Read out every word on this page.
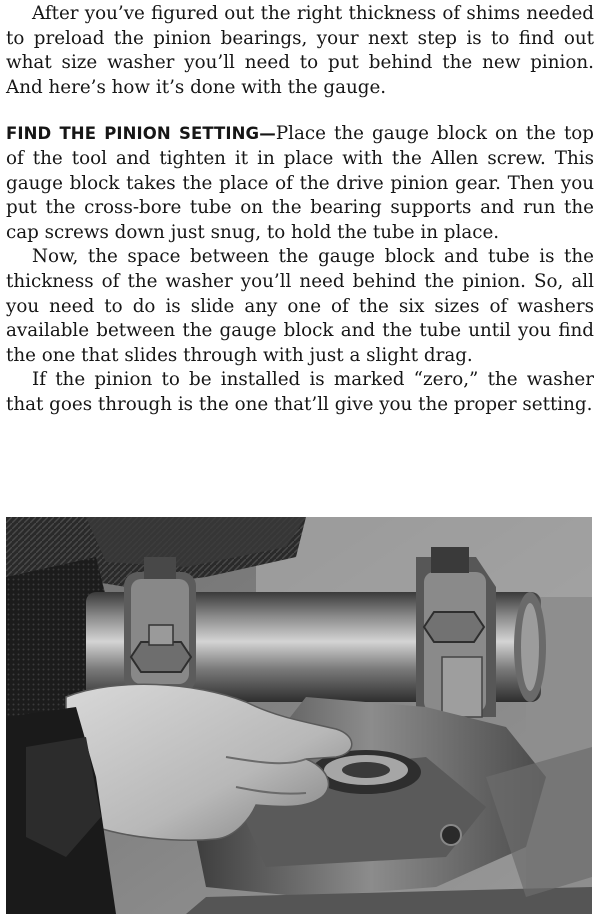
After you’ve figured out the right thickness of shims needed to preload the pinion bearings, your next step is to find out what size washer you’ll need to put behind the new pinion. And here’s how it’s done with the gauge.

FIND THE PINION SETTING—Place the gauge block on the top of the tool and tighten it in place with the Allen screw. This gauge block takes the place of the drive pinion gear. Then you put the cross-bore tube on the bearing supports and run the cap screws down just snug, to hold the tube in place.

Now, the space between the gauge block and tube is the thickness of the washer you’ll need behind the pinion. So, all you need to do is slide any one of the six sizes of washers available between the gauge block and the tube until you find the one that slides through with just a slight drag.

If the pinion to be installed is marked “zero,” the washer that goes through is the one that’ll give you the proper setting.
